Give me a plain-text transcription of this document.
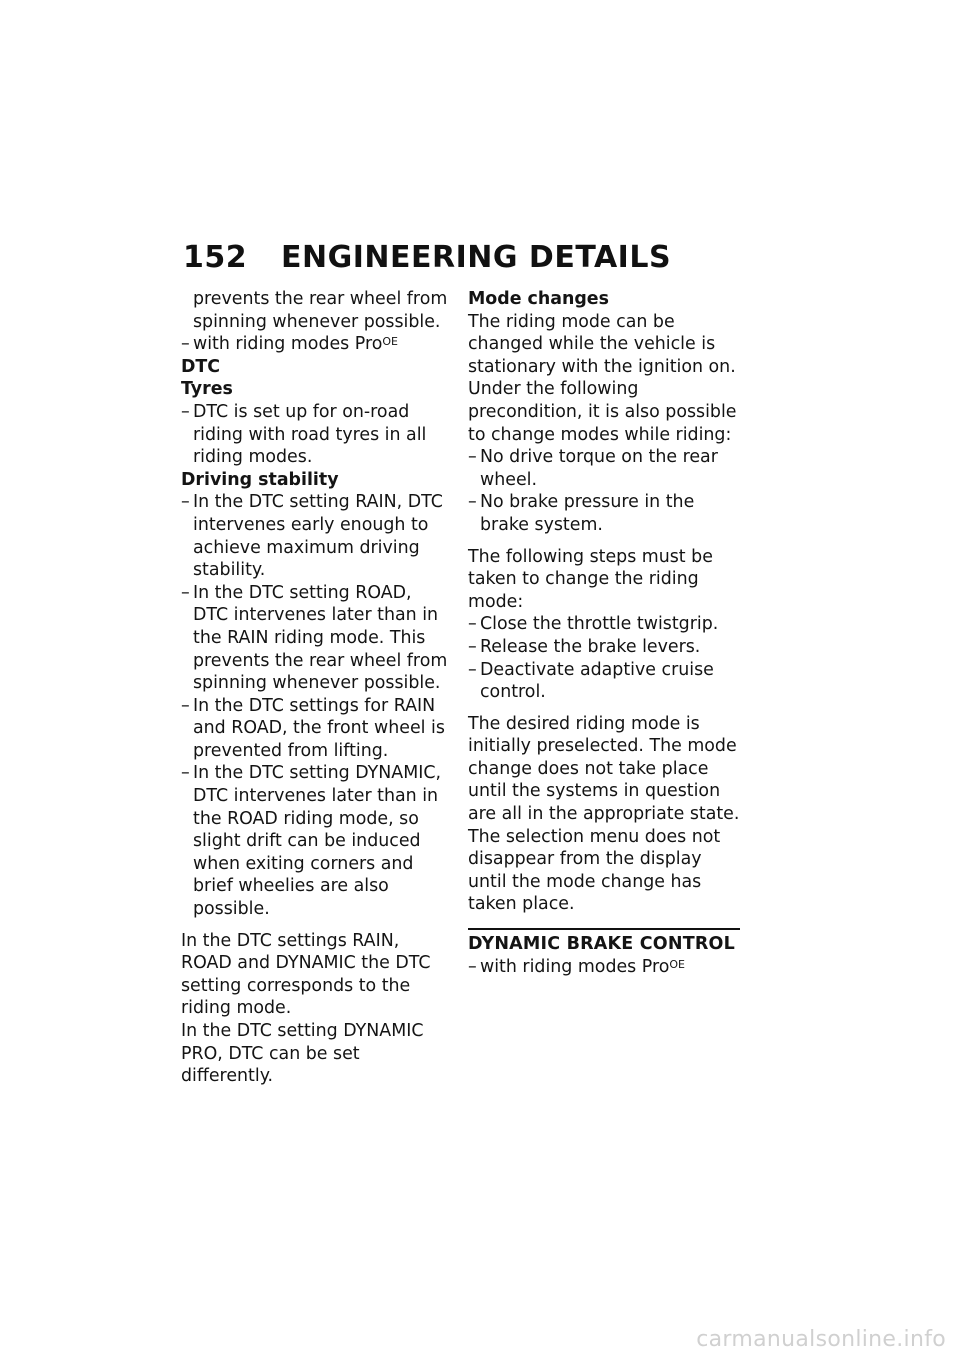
152 ENGINEERING DETAILS

prevents the rear wheel from spinning whenever possible.

– with riding modes Pro$^{OE}$

DTC

Tyres

– DTC is set up for on-road riding with road tyres in all riding modes.

Driving stability

– In the DTC setting RAIN, DTC intervenes early enough to achieve maximum driving stability.

– In the DTC setting ROAD, DTC intervenes later than in the RAIN riding mode. This prevents the rear wheel from spinning whenever possible.

– In the DTC settings for RAIN and ROAD, the front wheel is prevented from lifting.

– In the DTC setting DYNAMIC, DTC intervenes later than in the ROAD riding mode, so slight drift can be induced when exiting corners and brief wheelies are also possible.

In the DTC settings RAIN, ROAD and DYNAMIC the DTC setting corresponds to the riding mode.

In the DTC setting DYNAMIC PRO, DTC can be set differently.

Mode changes

The riding mode can be changed while the vehicle is stationary with the ignition on. Under the following precondition, it is also possible to change modes while riding:

– No drive torque on the rear wheel.

– No brake pressure in the brake system.

The following steps must be taken to change the riding mode:

– Close the throttle twistgrip.

– Release the brake levers.

– Deactivate adaptive cruise control.

The desired riding mode is initially preselected. The mode change does not take place until the systems in question are all in the appropriate state.

The selection menu does not disappear from the display until the mode change has taken place.

DYNAMIC BRAKE CONTROL

– with riding modes Pro$^{OE}$

carmanualsonline.info
